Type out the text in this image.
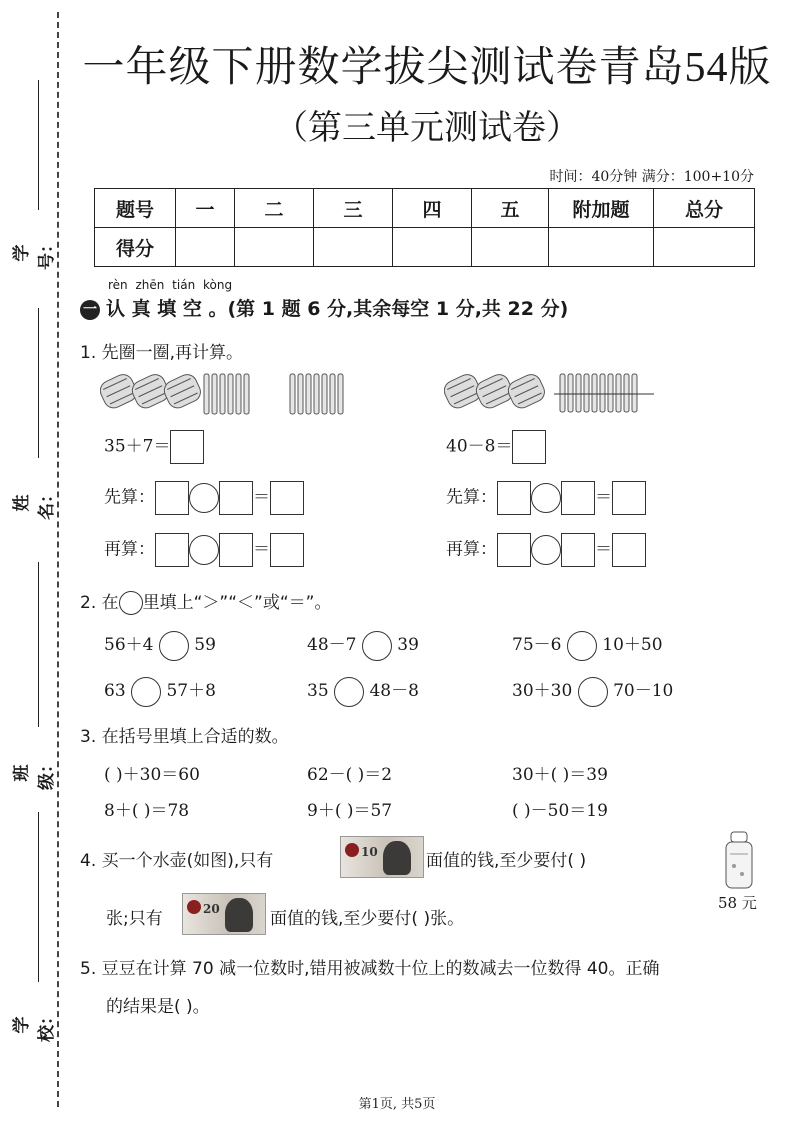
学号：
姓名：
班级：
学校：
一年级下册数学拔尖测试卷青岛54版
（第三单元测试卷）
时间：40分钟 满分：100+10分
题号	一	二	三	四	五	附加题	总分
得分							
rèn zhēn tián kòng
一 认 真 填 空 。(第 1 题 6 分,其余每空 1 分,共 22 分)
1. 先圈一圈,再计算。
35＋7＝	40－8＝
先算：	＝	先算：	＝
再算：	＝	再算：	＝
2. 在 里填上“＞”“＜”或“＝”。
56＋4 59	48－7 39	75－6 10＋50
63 57＋8	35 48－8	30＋30 70－10
3. 在括号里填上合适的数。
( )＋30＝60	62－( )＝2	30＋( )＝39
8＋( )＝78	9＋( )＝57	( )－50＝19
4. 买一个水壶(如图),只有	10	面值的钱,至少要付( )
张;只有	20	面值的钱,至少要付( )张。
58 元
5. 豆豆在计算 70 减一位数时,错用被减数十位上的数减去一位数得 40。正确
的结果是( )。
第1页, 共5页
